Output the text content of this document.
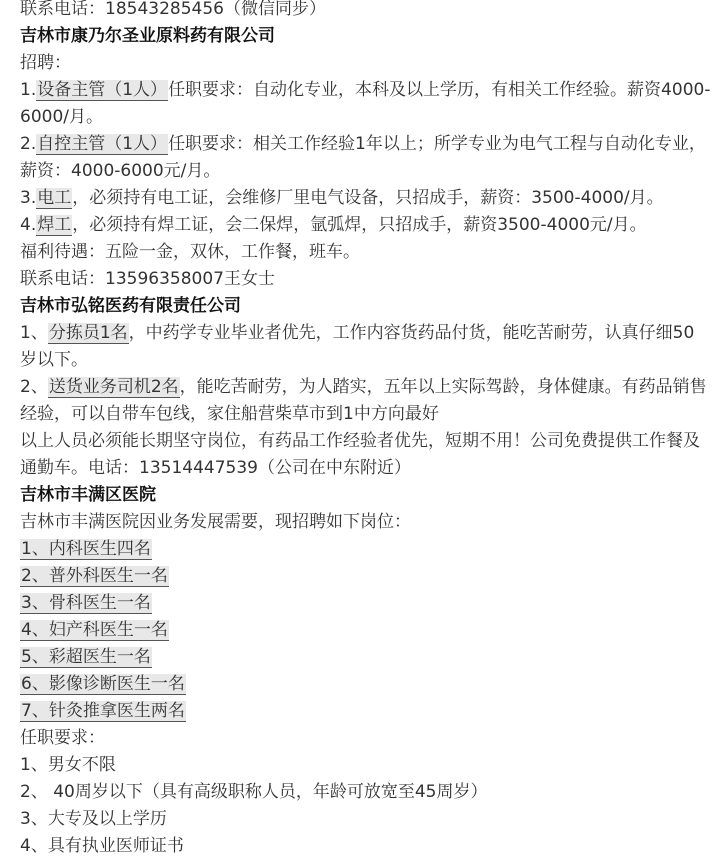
联系电话：18543285456（微信同步）
吉林市康乃尔圣业原料药有限公司
招聘：
1.设备主管（1人）任职要求：自动化专业，本科及以上学历，有相关工作经验。薪资4000-6000/月。
2.自控主管（1人）任职要求：相关工作经验1年以上；所学专业为电气工程与自动化专业，薪资：4000-6000元/月。
3.电工，必须持有电工证，会维修厂里电气设备，只招成手，薪资：3500-4000/月。
4.焊工，必须持有焊工证，会二保焊，氩弧焊，只招成手，薪资3500-4000元/月。
福利待遇：五险一金，双休，工作餐，班车。
联系电话：13596358007王女士
吉林市弘铭医药有限责任公司
1、分拣员1名，中药学专业毕业者优先，工作内容货药品付货，能吃苦耐劳，认真仔细50岁以下。
2、送货业务司机2名，能吃苦耐劳，为人踏实，五年以上实际驾龄，身体健康。有药品销售经验，可以自带车包线，家住船营柴草市到1中方向最好
以上人员必须能长期坚守岗位，有药品工作经验者优先，短期不用！公司免费提供工作餐及通勤车。电话：13514447539（公司在中东附近）
吉林市丰满区医院
吉林市丰满医院因业务发展需要，现招聘如下岗位：
1、内科医生四名
2、普外科医生一名
3、骨科医生一名
4、妇产科医生一名
5、彩超医生一名
6、影像诊断医生一名
7、针灸推拿医生两名
任职要求：
1、男女不限
2、 40周岁以下（具有高级职称人员，年龄可放宽至45周岁）
3、大专及以上学历
4、具有执业医师证书
